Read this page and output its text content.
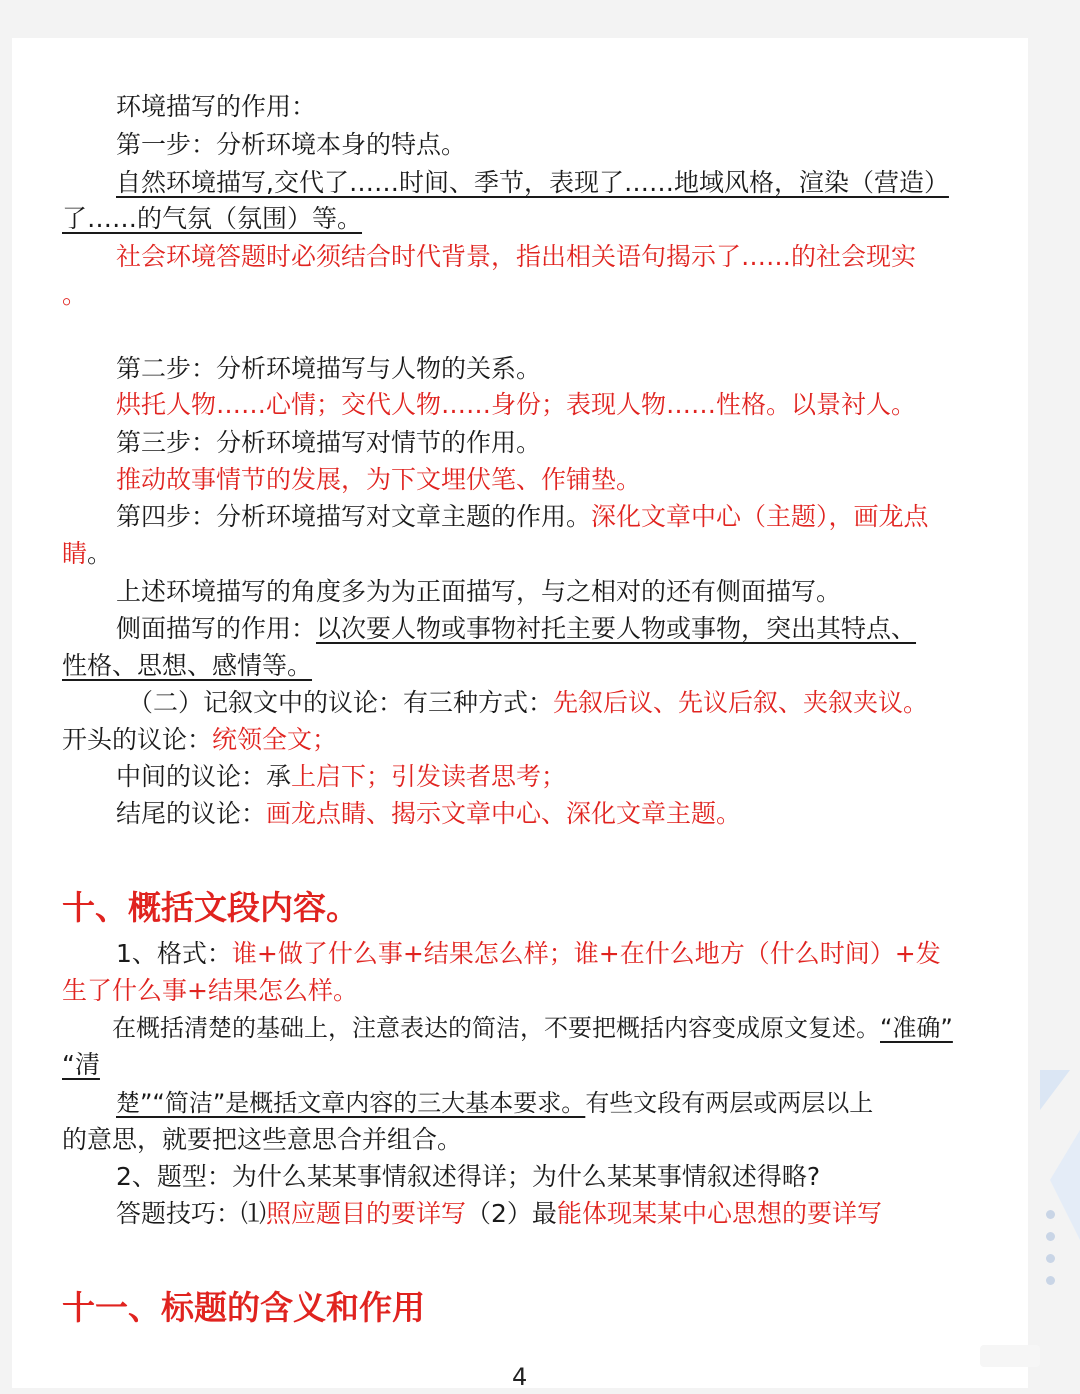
环境描写的作用：

第一步：分析环境本身的特点。

自然环境描写,交代了……时间、季节，表现了……地域风格，渲染（营造）

了……的气氛（氛围）等。

社会环境答题时必须结合时代背景，指出相关语句揭示了……的社会现实

。

第二步：分析环境描写与人物的关系。

烘托人物……心情；交代人物……身份；表现人物……性格。以景衬人。

第三步：分析环境描写对情节的作用。

推动故事情节的发展，为下文埋伏笔、作铺垫。

第四步：分析环境描写对文章主题的作用。深化文章中心（主题），画龙点

睛。

上述环境描写的角度多为为正面描写，与之相对的还有侧面描写。

侧面描写的作用：以次要人物或事物衬托主要人物或事物，突出其特点、

性格、思想、感情等。

（二）记叙文中的议论：有三种方式：先叙后议、先议后叙、夹叙夹议。

开头的议论：统领全文；

中间的议论：承上启下；引发读者思考；

结尾的议论：画龙点睛、揭示文章中心、深化文章主题。

十、概括文段内容。

1、格式：谁+做了什么事+结果怎么样；谁+在什么地方（什么时间）+发

生了什么事+结果怎么样。

在概括清楚的基础上，注意表达的简洁，不要把概括内容变成原文复述。“准确”

“清

楚”“简洁”是概括文章内容的三大基本要求。有些文段有两层或两层以上

的意思，就要把这些意思合并组合。

2、题型：为什么某某事情叙述得详；为什么某某事情叙述得略?

答题技巧：⑴照应题目的要详写（2）最能体现某某中心思想的要详写

十一、标题的含义和作用

4
